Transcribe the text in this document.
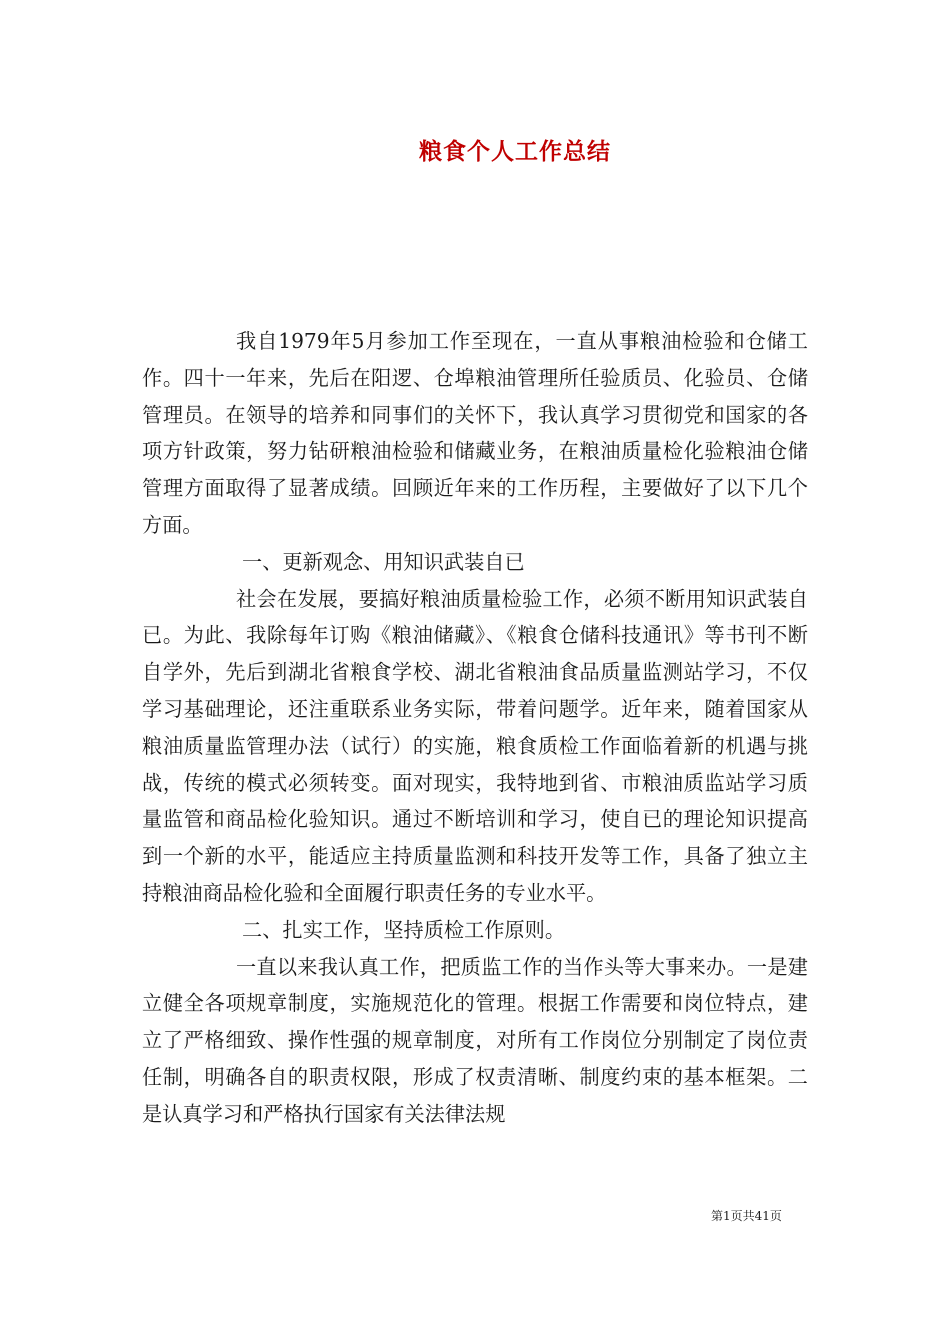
粮食个人工作总结

我自1979年5月参加工作至现在，一直从事粮油检验和仓储工作。四十一年来，先后在阳逻、仓埠粮油管理所任验质员、化验员、仓储管理员。在领导的培养和同事们的关怀下，我认真学习贯彻党和国家的各项方针政策，努力钻研粮油检验和储藏业务，在粮油质量检化验粮油仓储管理方面取得了显著成绩。回顾近年来的工作历程，主要做好了以下几个方面。

一、更新观念、用知识武装自已

社会在发展，要搞好粮油质量检验工作，必须不断用知识武装自已。为此、我除每年订购《粮油储藏》、《粮食仓储科技通讯》等书刊不断自学外，先后到湖北省粮食学校、湖北省粮油食品质量监测站学习，不仅学习基础理论，还注重联系业务实际，带着问题学。近年来，随着国家从粮油质量监管理办法（试行）的实施，粮食质检工作面临着新的机遇与挑战，传统的模式必须转变。面对现实，我特地到省、市粮油质监站学习质量监管和商品检化验知识。通过不断培训和学习，使自已的理论知识提高到一个新的水平，能适应主持质量监测和科技开发等工作，具备了独立主持粮油商品检化验和全面履行职责任务的专业水平。

二、扎实工作，坚持质检工作原则。

一直以来我认真工作，把质监工作的当作头等大事来办。一是建立健全各项规章制度，实施规范化的管理。根据工作需要和岗位特点，建立了严格细致、操作性强的规章制度，对所有工作岗位分别制定了岗位责任制，明确各自的职责权限，形成了权责清晰、制度约束的基本框架。二是认真学习和严格执行国家有关法律法规

第1页共41页
